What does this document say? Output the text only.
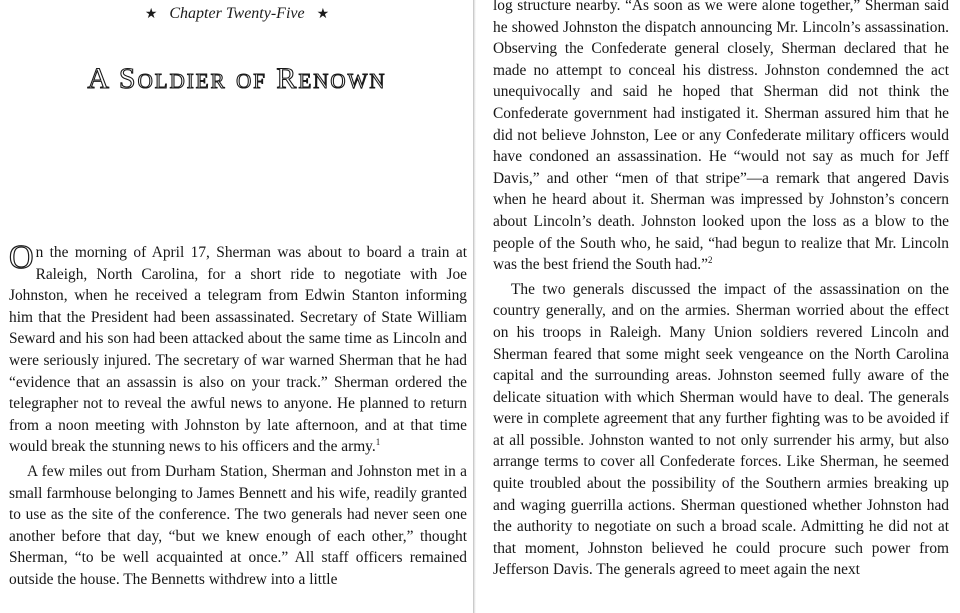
★ Chapter Twenty-Five ★
A Soldier of Renown

On the morning of April 17, Sherman was about to board a train at Raleigh, North Carolina, for a short ride to negotiate with Joe Johnston, when he received a telegram from Edwin Stanton informing him that the President had been assassinated. Secretary of State William Seward and his son had been attacked about the same time as Lincoln and were seriously injured. The secretary of war warned Sherman that he had “evidence that an assassin is also on your track.” Sherman ordered the telegrapher not to reveal the awful news to anyone. He planned to return from a noon meeting with Johnston by late afternoon, and at that time would break the stunning news to his officers and the army.$^1$

A few miles out from Durham Station, Sherman and Johnston met in a small farmhouse belonging to James Bennett and his wife, readily granted to use as the site of the conference. The two generals had never seen one another before that day, “but we knew enough of each other,” thought Sherman, “to be well acquainted at once.” All staff officers remained outside the house. The Bennetts withdrew into a little

log structure nearby. “As soon as we were alone together,” Sherman said he showed Johnston the dispatch announcing Mr. Lincoln’s assassination. Observing the Confederate general closely, Sherman declared that he made no attempt to conceal his distress. Johnston condemned the act unequivocally and said he hoped that Sherman did not think the Confederate government had instigated it. Sherman assured him that he did not believe Johnston, Lee or any Confederate military officers would have condoned an assassination. He “would not say as much for Jeff Davis,” and other “men of that stripe”—a remark that angered Davis when he heard about it. Sherman was impressed by Johnston’s concern about Lincoln’s death. Johnston looked upon the loss as a blow to the people of the South who, he said, “had begun to realize that Mr. Lincoln was the best friend the South had.”$^2$

The two generals discussed the impact of the assassination on the country generally, and on the armies. Sherman worried about the effect on his troops in Raleigh. Many Union soldiers revered Lincoln and Sherman feared that some might seek vengeance on the North Carolina capital and the surrounding areas. Johnston seemed fully aware of the delicate situation with which Sherman would have to deal. The generals were in complete agreement that any further fighting was to be avoided if at all possible. Johnston wanted to not only surrender his army, but also arrange terms to cover all Confederate forces. Like Sherman, he seemed quite troubled about the possibility of the Southern armies breaking up and waging guerrilla actions. Sherman questioned whether Johnston had the authority to negotiate on such a broad scale. Admitting he did not at that moment, Johnston believed he could procure such power from Jefferson Davis. The generals agreed to meet again the next
